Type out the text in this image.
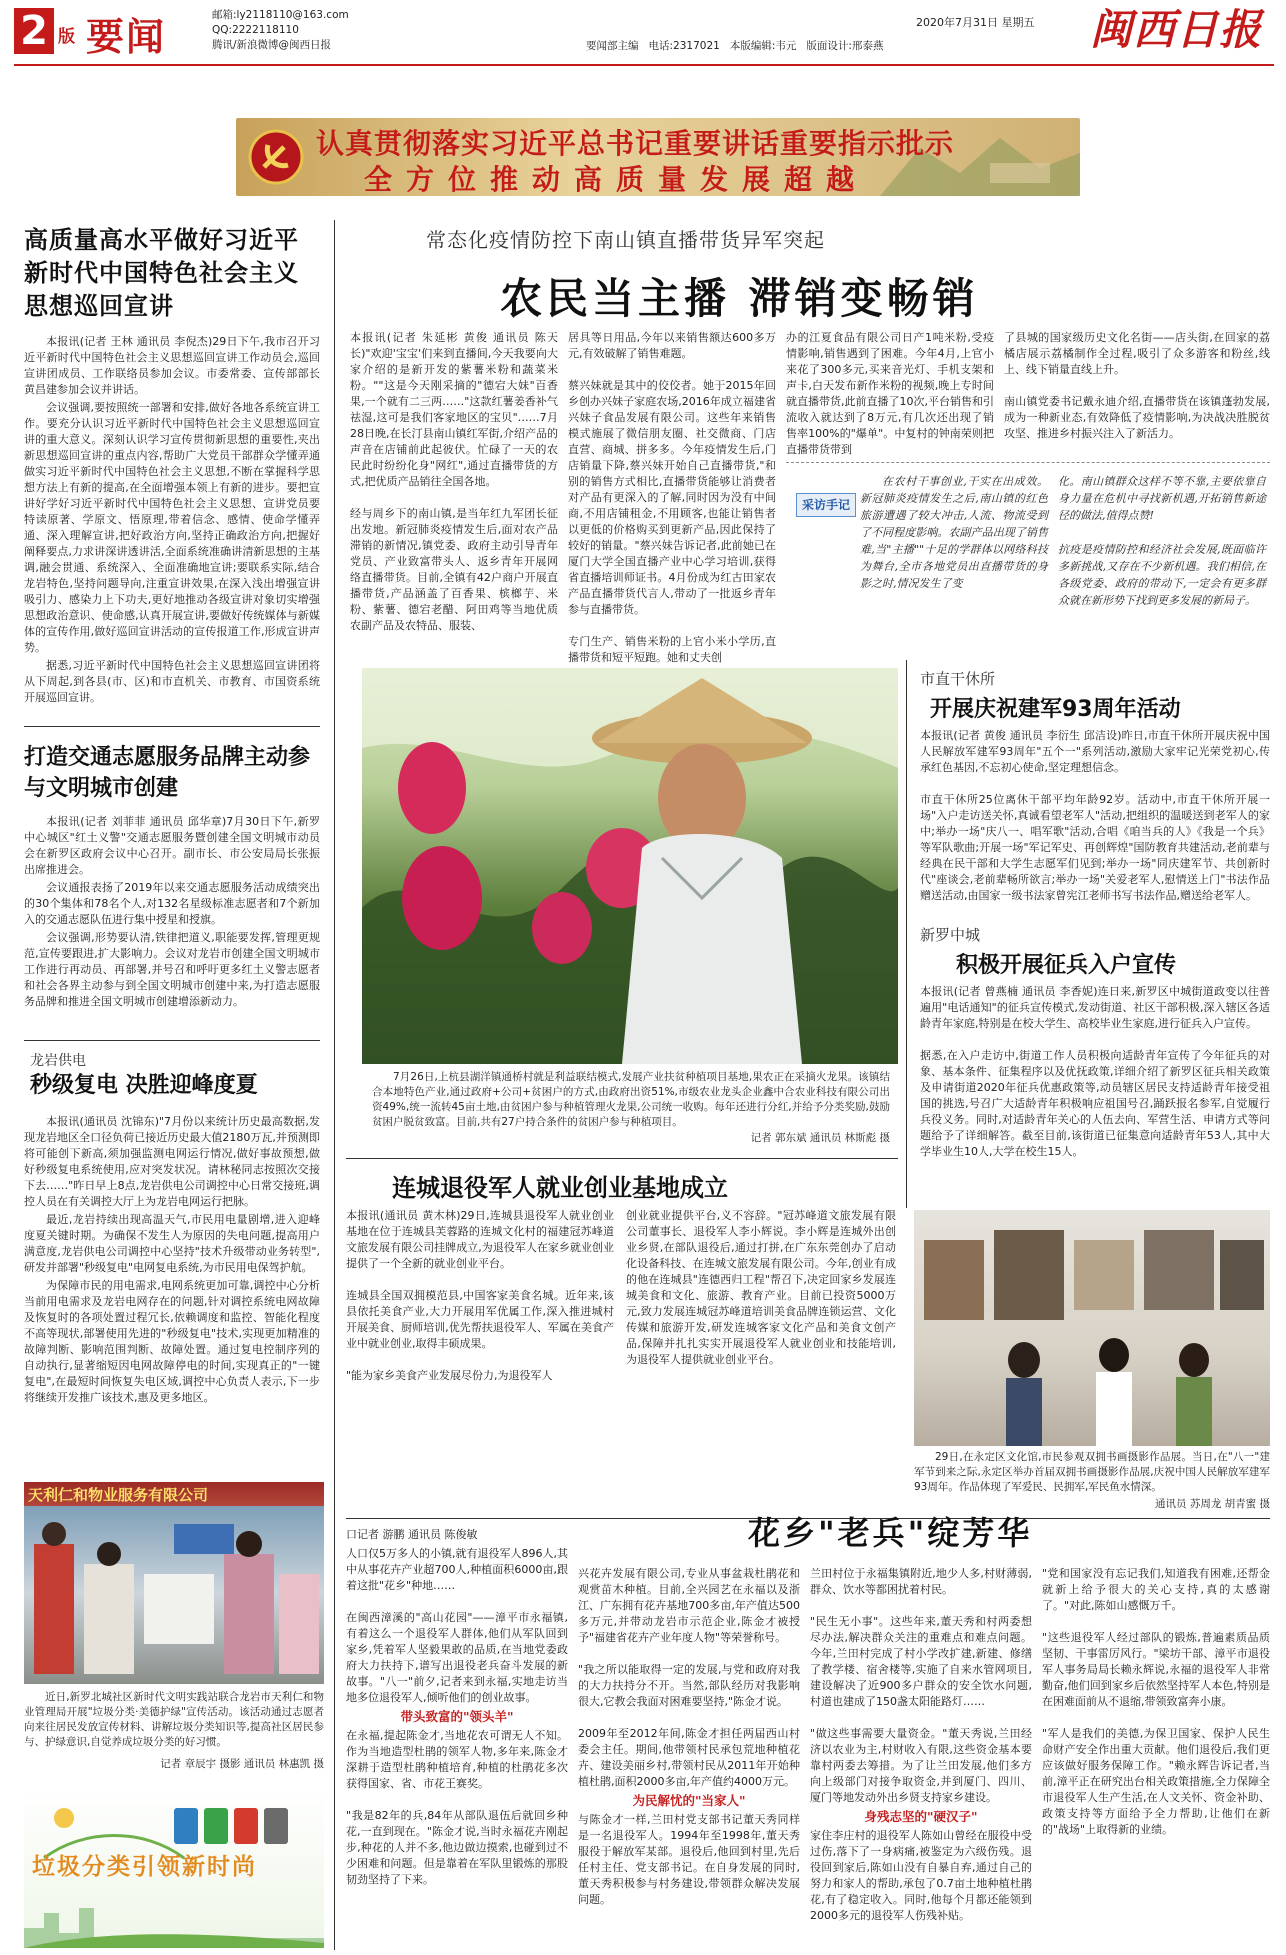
2 版 要闻	邮箱:ly2118110@163.com
QQ:2222118110
腾讯/新浪微博@闽西日报
2020年7月31日 星期五
要闻部主编 电话:2317021 本版编辑:韦元 版面设计:邢泰燕	闽西日报
认真贯彻落实习近平总书记重要讲话重要指示批示
全方位推动高质量发展超越
高质量高水平做好习近平新时代中国特色社会主义思想巡回宣讲

本报讯(记者 王林 通讯员 李倪杰)29日下午,我市召开习近平新时代中国特色社会主义思想巡回宣讲工作动员会,巡回宣讲团成员、工作联络员参加会议。市委常委、宣传部部长黄昌建参加会议并讲话。

会议强调,要按照统一部署和安排,做好各地各系统宣讲工作。要充分认识习近平新时代中国特色社会主义思想巡回宣讲的重大意义。深刻认识学习宣传贯彻新思想的重要性,夹出新思想巡回宣讲的重点内容,帮助广大党员干部群众学懂弄通做实习近平新时代中国特色社会主义思想,不断在掌握科学思想方法上有新的提高,在全面增强本领上有新的进步。要把宣讲好学好习近平新时代中国特色社会主义思想、宣讲党员要特读原著、学原文、悟原理,带着信念、感情、使命学懂弄通、深入理解宣讲,把好政治方向,坚持正确政治方向,把握好阐释要点,力求讲深讲透讲活,全面系统准确讲清新思想的主基调,融会贯通、系统深入、全面准确地宣讲;要联系实际,结合龙岩特色,坚持问题导向,注重宣讲效果,在深入浅出增强宣讲吸引力、感染力上下功夫,更好地推动各级宣讲对象切实增强思想政治意识、使命感,认真开展宣讲,要做好传统媒体与新媒体的宣传作用,做好巡回宣讲活动的宣传报道工作,形成宣讲声势。

据悉,习近平新时代中国特色社会主义思想巡回宣讲团将从下周起,到各县(市、区)和市直机关、市教育、市国资系统开展巡回宣讲。

打造交通志愿服务品牌主动参与文明城市创建

本报讯(记者 刘菲菲 通讯员 邱华章)7月30日下午,新罗中心城区"红土义警"交通志愿服务暨创建全国文明城市动员会在新罗区政府会议中心召开。副市长、市公安局局长张振出席推进会。

会议通报表扬了2019年以来交通志愿服务活动成绩突出的30个集体和78名个人,对132名星级标准志愿者和7个新加入的交通志愿队伍进行集中授星和授旗。

会议强调,形势要认清,铁律把道义,职能要发挥,管理更规范,宣传要跟进,扩大影响力。会议对龙岩市创建全国文明城市工作进行再动员、再部署,并号召和呼吁更多红土义警志愿者和社会各界主动参与到全国文明城市创建中来,为打造志愿服务品牌和推进全国文明城市创建增添新动力。

龙岩供电
秒级复电 决胜迎峰度夏

本报讯(通讯员 沈锦东)"7月份以来统计历史最高数据,发现龙岩地区全口径负荷已接近历史最大值2180万瓦,并预测即将可能创下新高,须加强监测电网运行情况,做好事故预想,做好秒级复电系统使用,应对突发状况。请林秘同志按照次交接下去……"昨日早上8点,龙岩供电公司调控中心日常交接班,调控人员在有关调控大厅上为龙岩电网运行把脉。

最近,龙岩持续出现高温天气,市民用电量剧增,进入迎峰度夏关键时期。为确保不发生人为原因的失电问题,提高用户满意度,龙岩供电公司调控中心坚持"技术升级带动业务转型",研发并部署"秒级复电"电网复电系统,为市民用电保驾护航。

为保障市民的用电需求,电网系统更加可靠,调控中心分析当前用电需求及龙岩电网存在的问题,针对调控系统电网故障及恢复时的各项处置过程冗长,依赖调度和监控、智能化程度不高等现状,部署使用先进的"秒级复电"技术,实现更加精准的故障判断、影响范围判断、故障处置。通过复电控制序列的自动执行,显著缩短因电网故障停电的时间,实现真正的"一键复电",在最短时间恢复失电区域,调控中心负责人表示,下一步将继续开发推广该技术,惠及更多地区。

天利仁和物业服务有限公司
近日,新罗北城社区新时代文明实践站联合龙岩市天利仁和物业管理局开展"垃圾分类·美德护绿"宣传活动。该活动通过志愿者向来往居民发放宣传材料、讲解垃圾分类知识等,提高社区居民参与、护绿意识,自觉养成垃圾分类的好习惯。
记者 章辰宇 摄影 通讯员 林惠凯 摄
垃圾分类引领新时尚
常态化疫情防控下南山镇直播带货异军突起
农民当主播 滞销变畅销
本报讯(记者 朱延彬 黄俊 通讯员 陈天长)"欢迎'宝宝'们来到直播间,今天我要向大家介绍的是新开发的紫薯米粉和蔬菜米粉。""这是今天刚采摘的"德宕大妹"百香果,一个就有二三两……"这款红薯姜香补气祛湿,这可是我们客家地区的宝贝"……7月28日晚,在长汀县南山镇红军街,介绍产品的声音在店铺前此起彼伏。忙碌了一天的农民此时纷纷化身"网红",通过直播带货的方式,把优质产品销往全国各地。

经与周乡下的南山镇,是当年红九军团长征出发地。新冠肺炎疫情发生后,面对农产品滞销的新情况,镇党委、政府主动引导青年党员、产业致富带头人、返乡青年开展网络直播带货。目前,全镇有42户商户开展直播带货,产品涵盖了百香果、槟榔芋、米粉、紫薯、德宕老醋、阿田鸡等当地优质农副产品及农特品、服装、
居具等日用品,今年以来销售额达600多万元,有效破解了销售难题。

蔡兴妹就是其中的佼佼者。她于2015年回乡创办兴妹子家庭农场,2016年成立福建省兴妹子食品发展有限公司。这些年来销售模式施展了微信朋友圈、社交微商、门店直营、商城、拼多多。今年疫情发生后,门店销量下降,蔡兴妹开始自己直播带货,"和别的销售方式相比,直播带货能够让消费者对产品有更深入的了解,同时因为没有中间商,不用店铺租金,不用顾客,也能让销售者以更低的价格购买到更新产品,因此保持了较好的销量。"蔡兴妹告诉记者,此前她已在厦门大学全国直播产业中心学习培训,获得省直播培训师证书。4月份成为红古田家农产品直播带货代言人,带动了一批返乡青年参与直播带货。

专门生产、销售米粉的上官小米小学历,直播带货和短平短跑。她和丈夫创
办的江夏食品有限公司日产1吨米粉,受疫情影响,销售遇到了困难。今年4月,上官小来花了300多元,买来音光灯、手机支架和声卡,白天发布新作米粉的视频,晚上专时间就直播带货,此前直播了10次,平台销售和引流收入就达到了8万元,有几次还出现了销售率100%的"爆单"。中复村的钟南荣则把直播带货带到
了县城的国家级历史文化名街——店头街,在回家的荔橘店展示荔橘制作全过程,吸引了众多游客和粉丝,线上、线下销量直线上升。

南山镇党委书记戴永迪介绍,直播带货在该镇蓬勃发展,成为一种新业态,有效降低了疫情影响,为决战决胜脱贫攻坚、推进乡村振兴注入了新活力。
采访手记
在农村干事创业,干实在出成效。新冠肺炎疫情发生之后,南山镇的红色旅游遭遇了较大冲击,人流、物流受到了不同程度影响。农副产品出现了销售难,当"主播""十足的学群体以网络科技为舞台,全市各地党员出直播带货的身影之时,情况发生了变
化。南山镇群众这样不等不靠,主要依靠自身力量在危机中寻找新机遇,开拓销售新途径的做法,值得点赞!

抗疫是疫情防控和经济社会发展,既面临许多新挑战,又存在不少新机遇。我们相信,在各级党委、政府的带动下,一定会有更多群众就在新形势下找到更多发展的新局子。
7月26日,上杭县湖洋镇通桥村就是利益联结模式,发展产业扶贫种植项目基地,果农正在采摘火龙果。该镇结合本地特色产业,通过政府+公司+贫困户的方式,由政府出资51%,市级农业龙头企业鑫中合农业科技有限公司出资49%,统一流转45亩土地,由贫困户参与种植管理火龙果,公司统一收购。每年还进行分红,并给予分类奖励,鼓励贫困户脱贫致富。目前,共有27户持合条件的贫困户参与种植项目。
记者 郭东斌 通讯员 林斯彪 摄
市直干休所
开展庆祝建军93周年活动
本报讯(记者 黄俊 通讯员 李衍生 邱洁设)昨日,市直干休所开展庆祝中国人民解放军建军93周年"五个一"系列活动,激励大家牢记光荣党初心,传承红色基因,不忘初心使命,坚定理想信念。

市直干休所25位离休干部平均年龄92岁。活动中,市直干休所开展一场"入户走访送关怀,真诚看望老军人"活动,把组织的温暖送到老军人的家中;举办一场"庆八一、唱军歌"活动,合唱《咱当兵的人》《我是一个兵》等军队歌曲;开展一场"军记军史、再创辉煌"国防教育共建活动,老前辈与经典在民干部和大学生志愿军们见到;举办一场"同庆建军节、共创新时代"座谈会,老前辈畅所欲言;举办一场"关爱老军人,慰情送上门"书法作品赠送活动,由国家一级书法家曾宪江老师书写书法作品,赠送给老军人。
新罗中城
积极开展征兵入户宣传
本报讯(记者 曾燕楠 通讯员 李香妮)连日来,新罗区中城街道政变以往普遍用"电话通知"的征兵宣传模式,发动街道、社区干部积极,深入辖区各适龄青年家庭,特别是在校大学生、高校毕业生家庭,进行征兵入户宣传。

据悉,在入户走访中,街道工作人员积极向适龄青年宣传了今年征兵的对象、基本条件、征集程序以及优抚政策,详细介绍了新罗区征兵相关政策及申请街道2020年征兵优惠政策等,动员辖区居民支持适龄青年接受祖国的挑选,号召广大适龄青年积极响应祖国号召,踊跃报名参军,自觉履行兵役义务。同时,对适龄青年关心的人伍去向、军营生活、申请方式等问题给予了详细解答。截至目前,该街道已征集意向适龄青年53人,其中大学毕业生10人,大学在校生15人。
29日,在永定区文化馆,市民参观双拥书画摄影作品展。当日,在"八一"建军节到来之际,永定区举办首届双拥书画摄影作品展,庆祝中国人民解放军建军93周年。作品体现了军爱民、民拥军,军民鱼水情深。
通讯员 苏周龙 胡青蜜 摄
连城退役军人就业创业基地成立
本报讯(通讯员 黄木林)29日,连城县退役军人就业创业基地在位于连城县芙蓉路的连城文化村的福建冠苏峰道文旅发展有限公司挂牌成立,为退役军人在家乡就业创业提供了一个全新的就业创业平台。

连城县全国双拥模范县,中国客家美食名城。近年来,该县依托美食产业,大力开展用军优属工作,深入推进城村开展美食、厨师培训,优先帮扶退役军人、军属在美食产业中就业创业,取得丰硕成果。

"能为家乡美食产业发展尽份力,为退役军人
创业就业提供平台,义不容辞。"冠苏峰道文旅发展有限公司董事长、退役军人李小辉说。李小辉是连城外出创业乡贤,在部队退役后,通过打拼,在广东东莞创办了启动化设备科技、在连城文旅发展有限公司。今年,创业有成的他在连城县"连德西归工程"帮召下,决定回家乡发展连城美食和文化、旅游、教育产业。目前已投资5000万元,致力发展连城冠苏峰道培训美食品牌连锁运营、文化传媒和旅游开发,研发连城客家文化产品和美食文创产品,保障并扎扎实实开展退役军人就业创业和技能培训,为退役军人提供就业创业平台。
口记者 游鹏 通讯员 陈俊敏	花乡"老兵"绽芳华
人口仅5万多人的小镇,就有退役军人896人,其中从事花卉产业超700人,种植面积6000亩,跟着这批"花乡"种地……

在闽西漳溪的"高山花园"——漳平市永福镇,有着这么一个退役军人群体,他们从军队回到家乡,凭着军人坚毅果敢的品质,在当地党委政府大力扶持下,谱写出退役老兵奋斗发展的新故事。"八一"前夕,记者来到永福,实地走访当地多位退役军人,倾听他们的创业故事。
带头致富的"领头羊"
在永福,提起陈金才,当地花农可谓无人不知。作为当地造型杜鹃的领军人物,多年来,陈金才深耕于造型杜鹃种植培育,种植的杜鹃花多次获得国家、省、市花王赛奖。

"我是82年的兵,84年从部队退伍后就回乡种花,一直到现在。"陈金才说,当时永福花卉刚起步,种花的人并不多,他边做边摸索,也碰到过不少困难和问题。但是靠着在军队里锻炼的那股韧劲坚持了下来。
兴花卉发展有限公司,专业从事盆栽杜鹃花和观赏苗木种植。目前,全兴园艺在永福以及浙江、广东拥有花卉基地700多亩,年产值达500多万元,并带动龙岩市示范企业,陈金才被授予"福建省花卉产业年度人物"等荣誉称号。

"我之所以能取得一定的发展,与党和政府对我的大力扶持分不开。当然,部队经历对我影响很大,它教会我面对困难要坚持,"陈金才说。

2009年至2012年间,陈金才担任两届西山村委会主任。期间,他带领村民承包荒地种植花卉、建设美丽乡村,带领村民从2011年开始种植杜鹃,面积2000多亩,年产值约4000万元。
为民解忧的"当家人"
与陈金才一样,兰田村党支部书记董天秀同样是一名退役军人。1994年至1998年,董天秀服役于解放军某部。退役后,他回到村里,先后任村主任、党支部书记。在自身发展的同时,董天秀积极参与村务建设,带领群众解决发展问题。
兰田村位于永福集镇附近,地少人多,村财薄弱,群众、饮水等都困扰着村民。

"民生无小事"。这些年来,董天秀和村两委想尽办法,解决群众关注的重难点和难点问题。今年,兰田村完成了村小学改扩建,新建、修缮了教学楼、宿舍楼等,实施了自来水管网项目,建设解决了近900多户群众的安全饮水问题,村道也建成了150盏太阳能路灯……

"做这些事需要大量资金。"董天秀说,兰田经济以农业为主,村财收入有限,这些资金基本要靠村两委去筹措。为了让兰田发展,他们多方向上级部门对接争取资金,并到厦门、四川、厦门等地发动外出乡贤支持家乡建设。
身残志坚的"硬汉子"
家住李庄村的退役军人陈如山曾经在服役中受过伤,落下了一身病痛,被鉴定为六级伤残。退役回到家后,陈如山没有自暴自弃,通过自己的努力和家人的帮助,承包了0.7亩土地种植杜鹃花,有了稳定收入。同时,他每个月都还能领到2000多元的退役军人伤残补贴。
"党和国家没有忘记我们,知道我有困难,还帮金就新上给予很大的关心支持,真的太感谢了。"对此,陈如山感慨万千。

"这些退役军人经过部队的锻炼,普遍素质品质坚韧、干事雷厉风行。"梁坊干部、漳平市退役军人事务局局长赖永辉说,永福的退役军人非常勤奋,他们回到家乡后依然坚持军人本色,特别是在困难面前从不退缩,带领致富奔小康。

"军人是我们的美德,为保卫国家、保护人民生命财产安全作出重大贡献。他们退役后,我们更应该做好服务保障工作。"赖永辉告诉记者,当前,漳平正在研究出台相关政策措施,全力保障全市退役军人生产生活,在人文关怀、资金补助、政策支持等方面给予全力帮助,让他们在新的"战场"上取得新的业绩。
